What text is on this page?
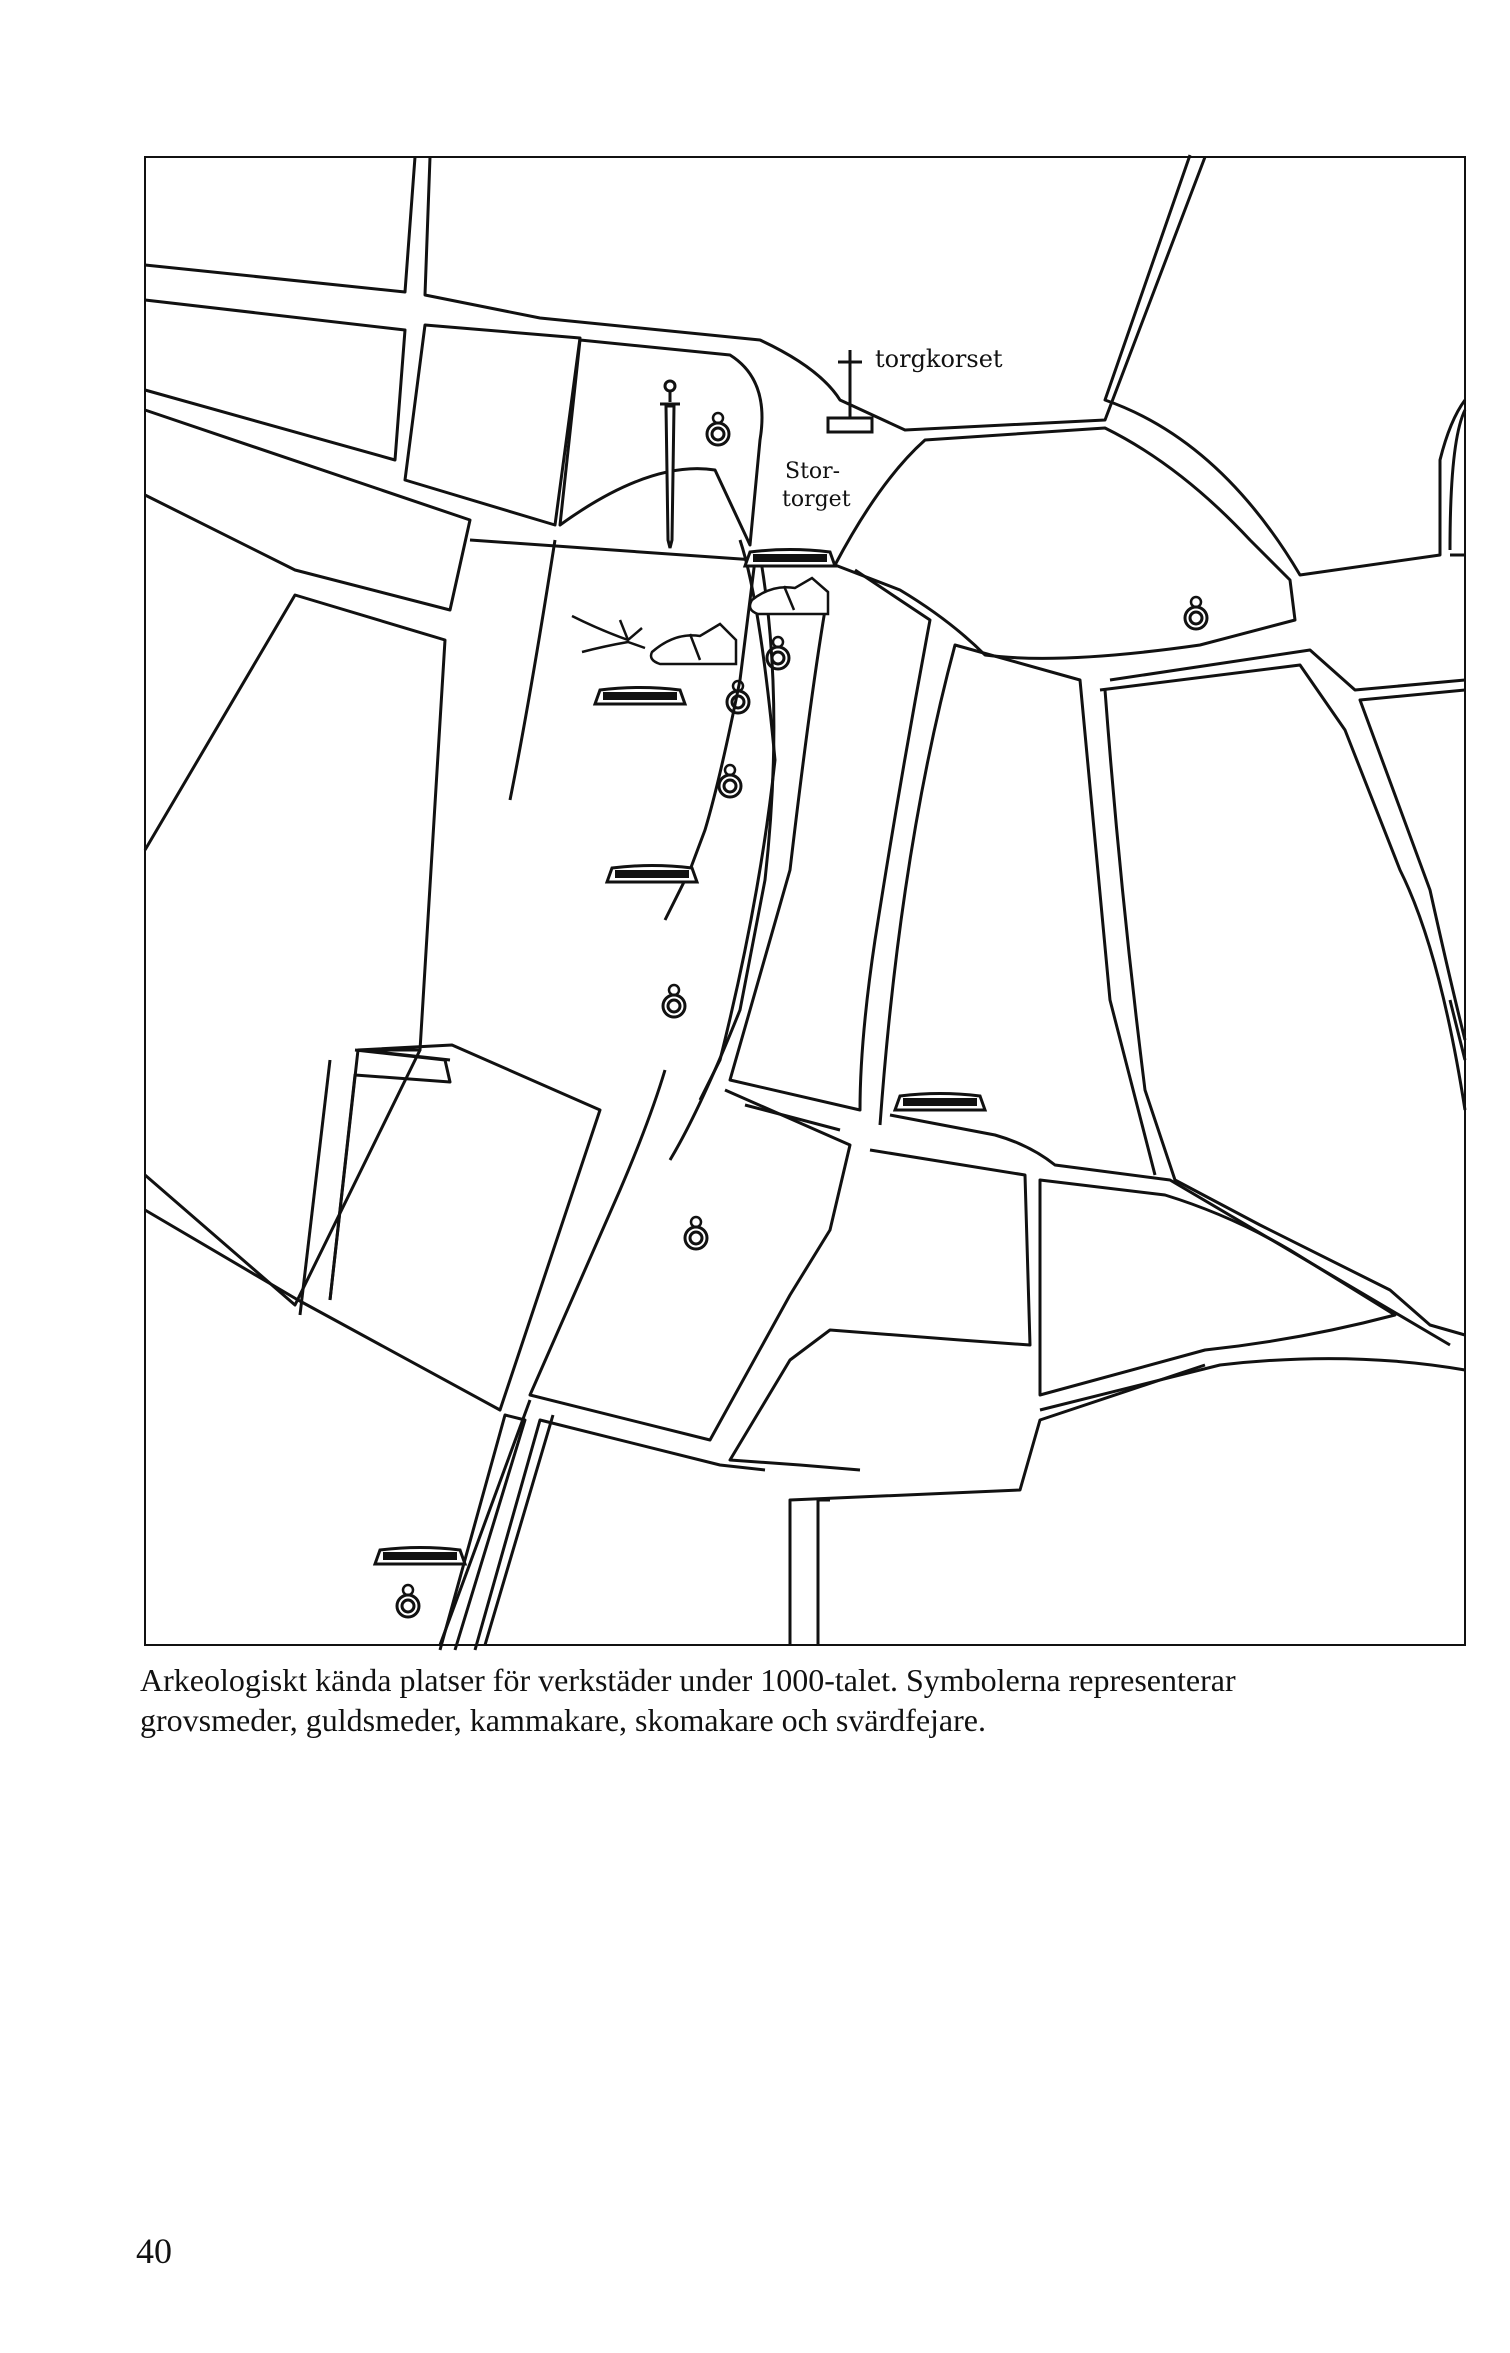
torgkorset
Stor-
torget
Arkeologiskt kända platser för verkstäder under 1000-talet. Symbolerna representerar
grovsmeder, guldsmeder, kammakare, skomakare och svärdfejare.
40
